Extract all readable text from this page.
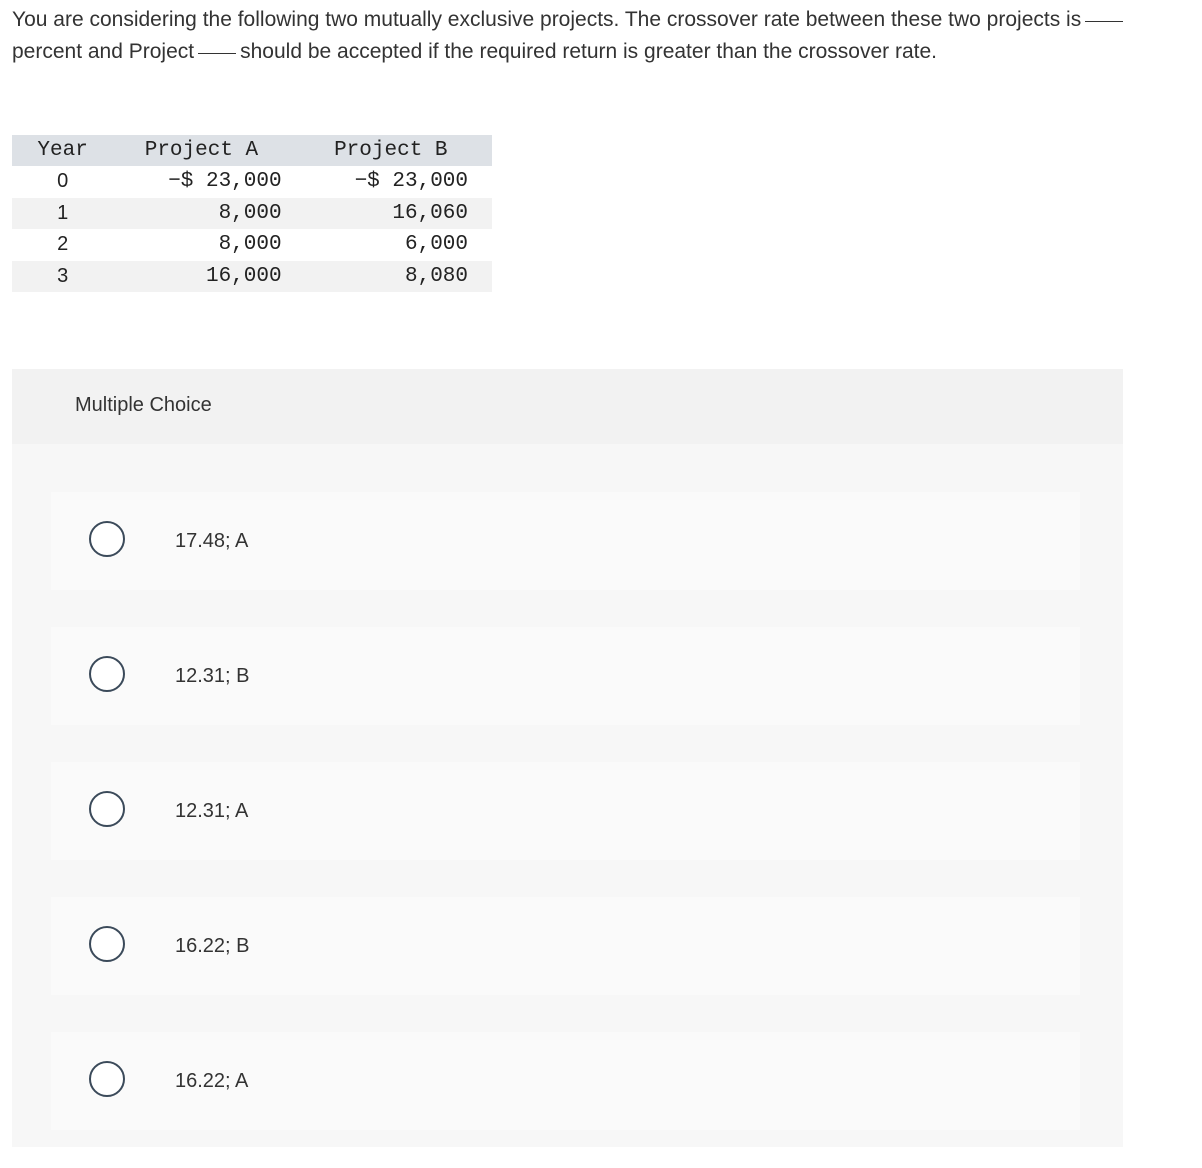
You are considering the following two mutually exclusive projects. The crossover rate between these two projects ispercent and Project should be accepted if the required return is greater than the crossover rate.
Year	Project A	Project B
0	−$ 23,000	−$ 23,000
1	8,000	16,060
2	8,000	6,000
3	16,000	8,080
Multiple Choice
17.48; A
12.31; B
12.31; A
16.22; B
16.22; A
